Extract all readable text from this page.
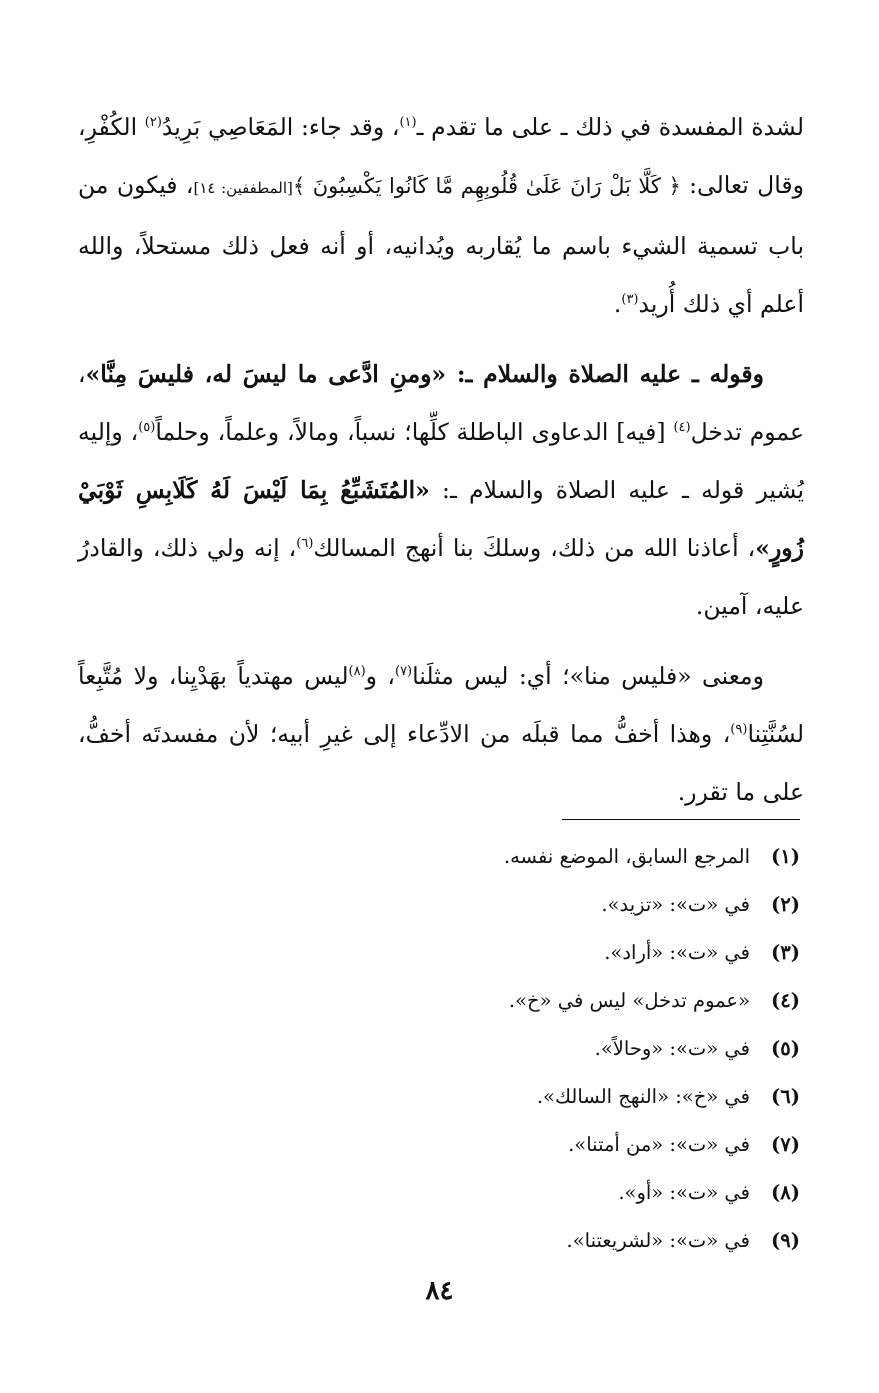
لشدة المفسدة في ذلك ـ على ما تقدم ـ$^{(١)}$، وقد جاء: المَعَاصِي بَرِيدُ$^{(٢)}$ الكُفْرِ، وقال تعالى: ﴿ كَلَّا بَلْ رَانَ عَلَىٰ قُلُوبِهِم مَّا كَانُوا يَكْسِبُونَ ﴾[المطففين: ١٤]، فيكون من باب تسمية الشيء باسم ما يُقاربه ويُدانيه، أو أنه فعل ذلك مستحلاً، والله أعلم أي ذلك أُريد$^{(٣)}$.

وقوله ـ عليه الصلاة والسلام ـ: «ومنِ ادَّعى ما ليسَ له، فليسَ مِنَّا»، عموم تدخل$^{(٤)}$ [فيه] الدعاوى الباطلة كلِّها؛ نسباً، ومالاً، وعلماً، وحلماً$^{(٥)}$، وإليه يُشير قوله ـ عليه الصلاة والسلام ـ: «المُتَشَبِّعُ بِمَا لَيْسَ لَهُ كَلَابِسِ ثَوْبَيْ زُورٍ»، أعاذنا الله من ذلك، وسلكَ بنا أنهج المسالك$^{(٦)}$، إنه ولي ذلك، والقادرُ عليه، آمين.

ومعنى «فليس منا»؛ أي: ليس مثلَنا$^{(٧)}$، و$^{(٨)}$ليس مهتدياً بهَدْيِنا، ولا مُتَّبِعاً لسُنَّتِنا$^{(٩)}$، وهذا أخفُّ مما قبلَه من الادِّعاء إلى غيرِ أبيه؛ لأن مفسدتَه أخفُّ، على ما تقرر.

(١)
المرجع السابق، الموضع نفسه.
(٢)
في «ت»: «تزيد».
(٣)
في «ت»: «أراد».
(٤)
«عموم تدخل» ليس في «خ».
(٥)
في «ت»: «وحالاً».
(٦)
في «خ»: «النهج السالك».
(٧)
في «ت»: «من أمتنا».
(٨)
في «ت»: «أو».
(٩)
في «ت»: «لشريعتنا».
٨٤
